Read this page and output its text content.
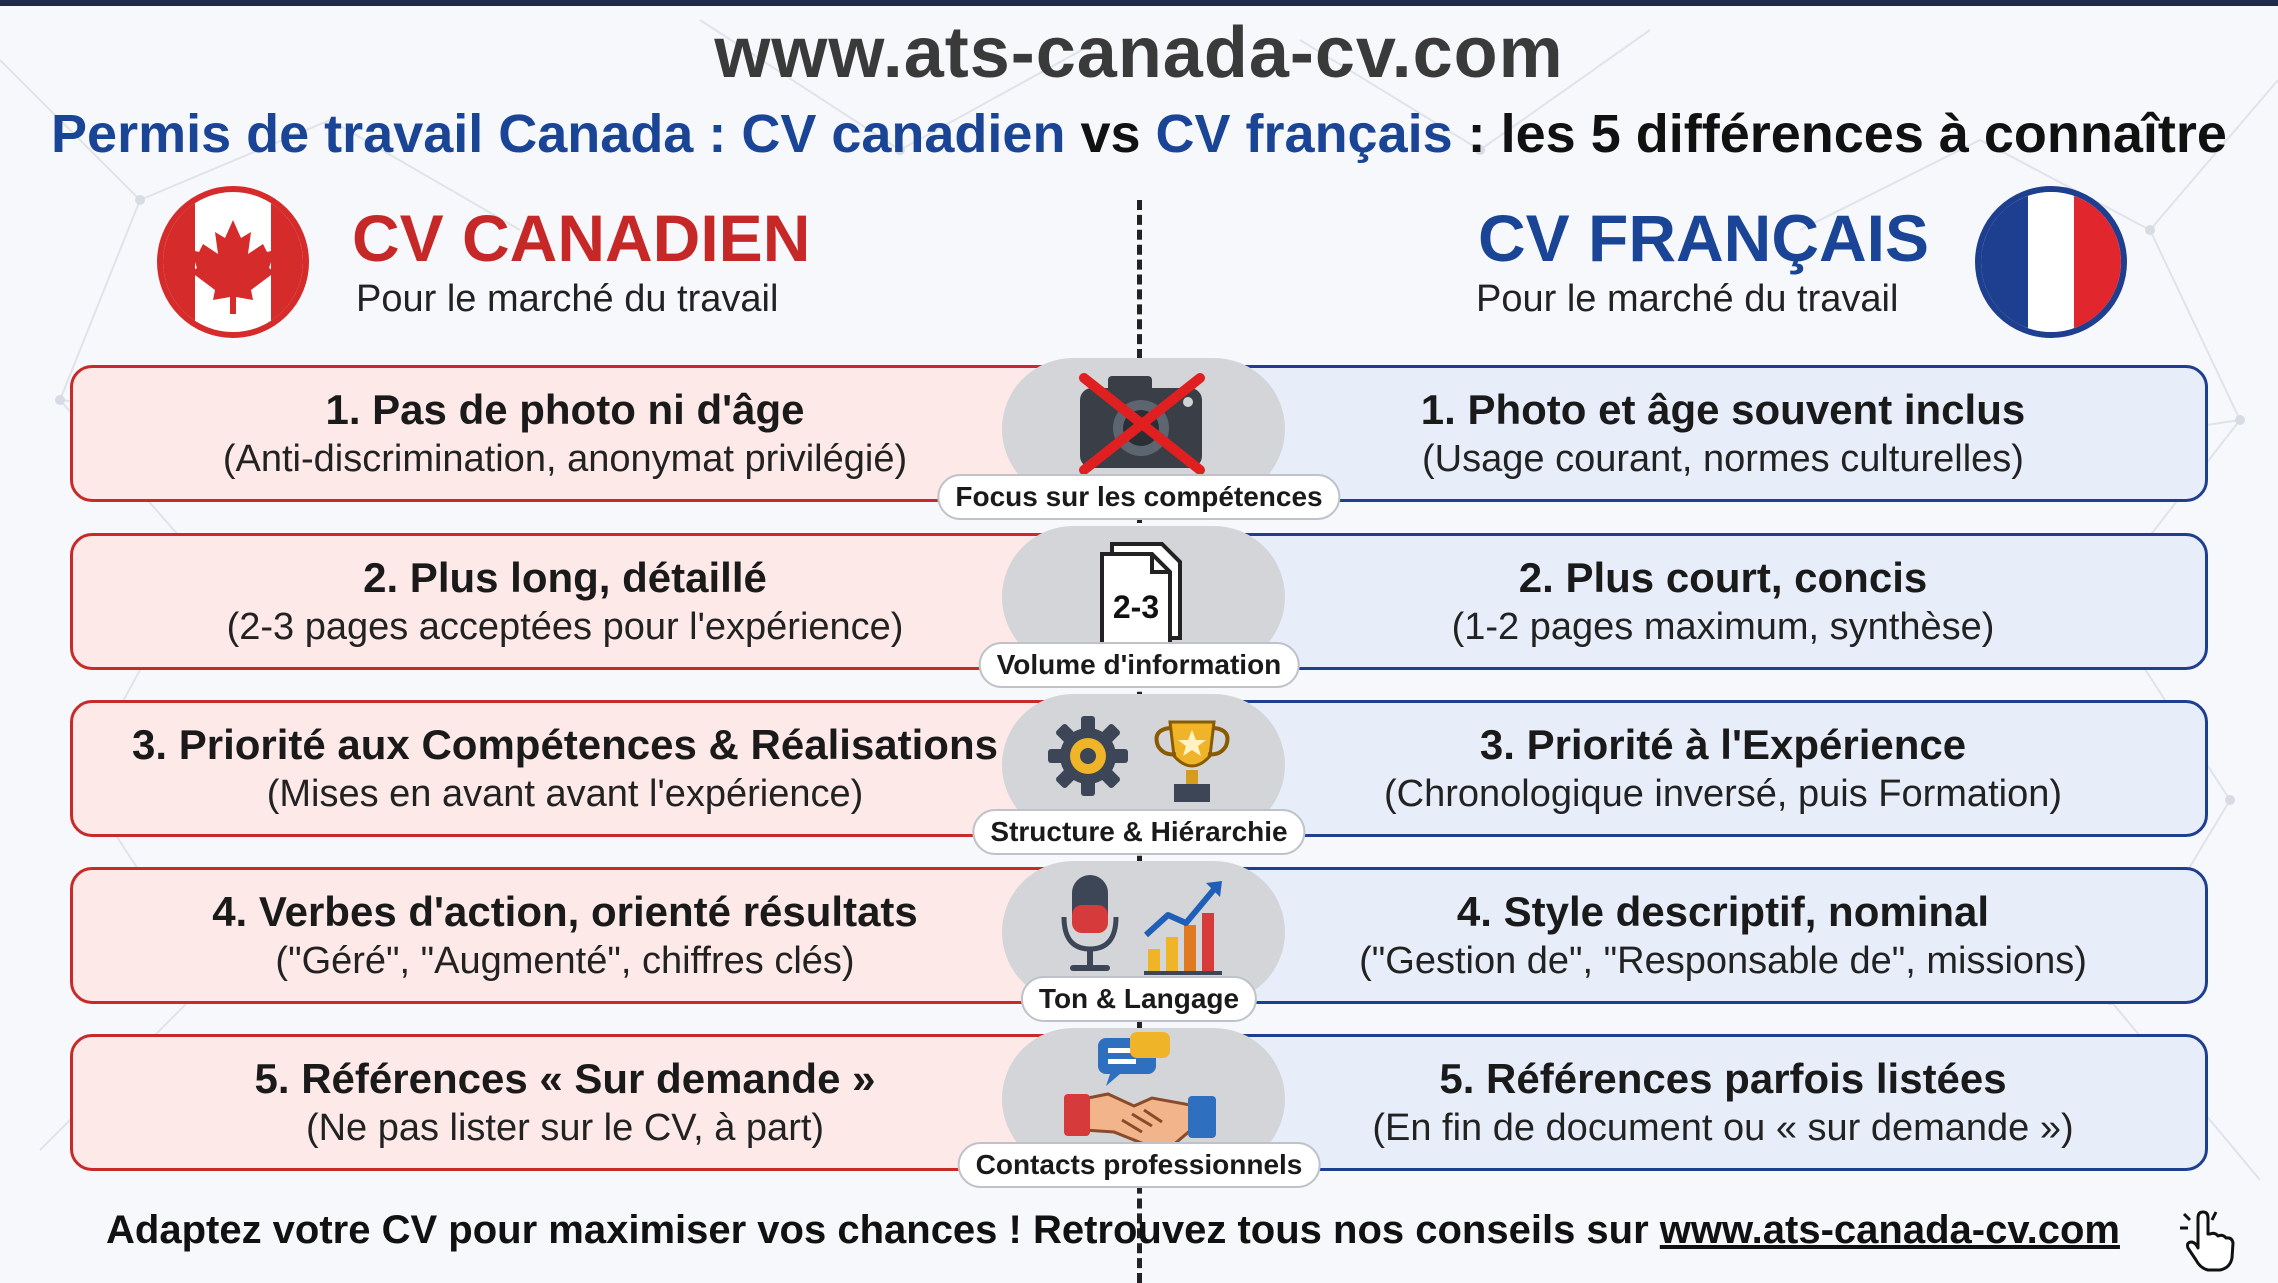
www.ats-canada-cv.com
Permis de travail Canada : CV canadien vs CV français : les 5 différences à connaître
CV CANADIEN
Pour le marché du travail
CV FRANÇAIS
Pour le marché du travail
1. Pas de photo ni d'âge
(Anti-discrimination, anonymat privilégié)
1. Photo et âge souvent inclus
(Usage courant, normes culturelles)
Focus sur les compétences
2. Plus long, détaillé
(2-3 pages acceptées pour l'expérience)
2. Plus court, concis
(1-2 pages maximum, synthèse)
2-3
Volume d'information
3. Priorité aux Compétences & Réalisations
(Mises en avant avant l'expérience)
3. Priorité à l'Expérience
(Chronologique inversé, puis Formation)
Structure & Hiérarchie
4. Verbes d'action, orienté résultats
("Géré", "Augmenté", chiffres clés)
4. Style descriptif, nominal
("Gestion de", "Responsable de", missions)
Ton & Langage
5. Références « Sur demande »
(Ne pas lister sur le CV, à part)
5. Références parfois listées
(En fin de document ou « sur demande »)
Contacts professionnels
Adaptez votre CV pour maximiser vos chances ! Retrouvez tous nos conseils sur www.ats-canada-cv.com
